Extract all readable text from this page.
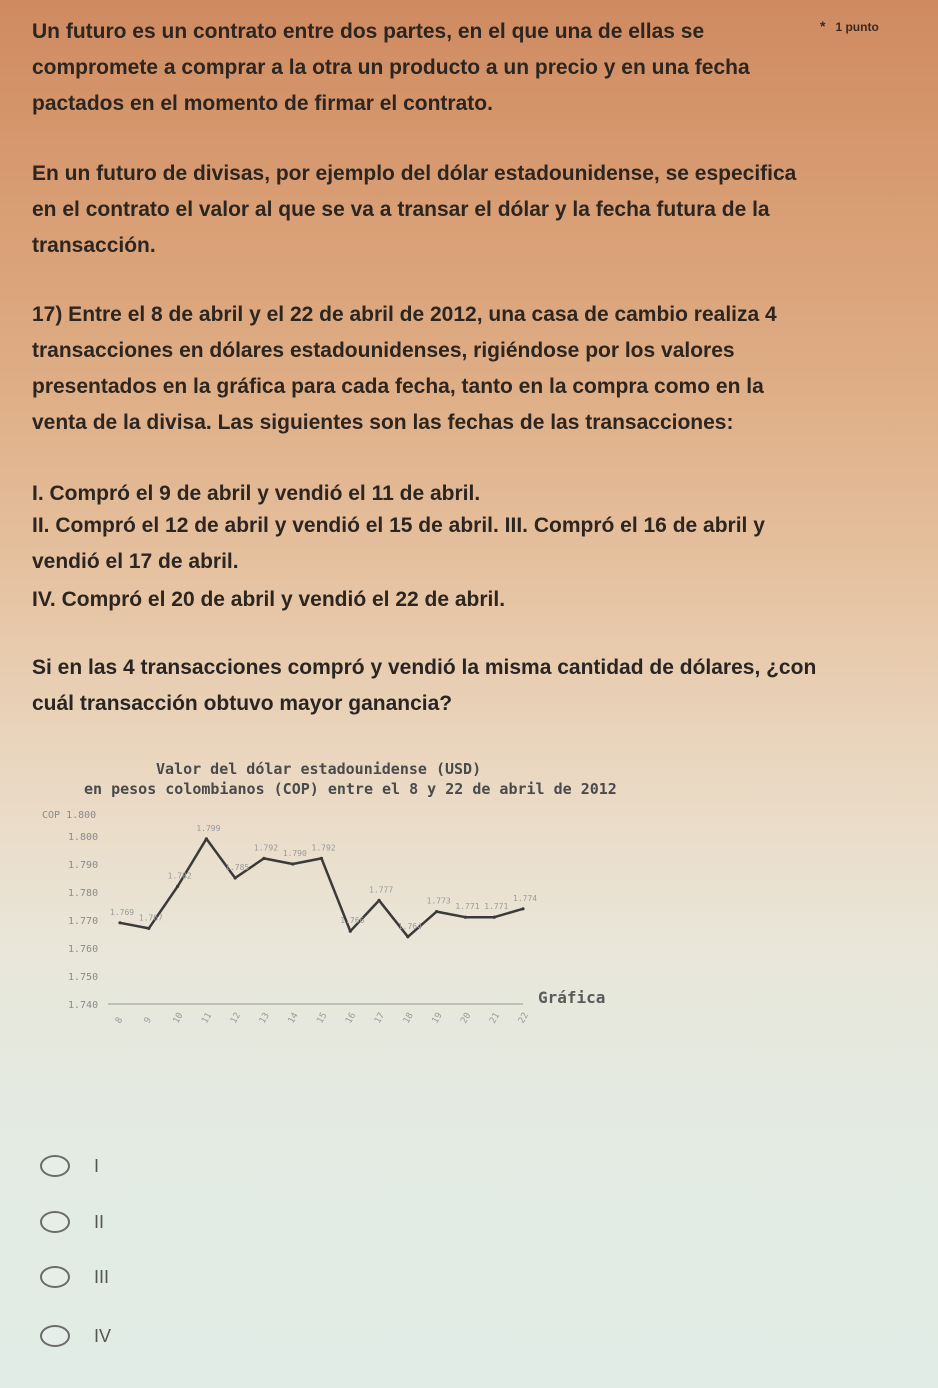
* 1 punto
Un futuro es un contrato entre dos partes, en el que una de ellas se compromete a comprar a la otra un producto a un precio y en una fecha pactados en el momento de firmar el contrato.
En un futuro de divisas, por ejemplo del dólar estadounidense, se especifica en el contrato el valor al que se va a transar el dólar y la fecha futura de la transacción.
17) Entre el 8 de abril y el 22 de abril de 2012, una casa de cambio realiza 4 transacciones en dólares estadounidenses, rigiéndose por los valores presentados en la gráfica para cada fecha, tanto en la compra como en la venta de la divisa. Las siguientes son las fechas de las transacciones:
I. Compró el 9 de abril y vendió el 11 de abril.
II. Compró el 12 de abril y vendió el 15 de abril. III. Compró el 16 de abril y vendió el 17 de abril.
IV. Compró el 20 de abril y vendió el 22 de abril.
Si en las 4 transacciones compró y vendió la misma cantidad de dólares, ¿con cuál transacción obtuvo mayor ganancia?
Valor del dólar estadounidense (USD)
en pesos colombianos (COP) entre el 8 y 22 de abril de 2012
COP 1.800
1.800
1.790
1.780
1.770
1.760
1.750
1.740
1.769
1.767
1.782
1.799
1.785
1.792
1.790
1.792
1.766
1.777
1.764
1.773
1.771 1.771
1.774
8 9 10 11 12 13 14 15 16 17 18 19 20 21 22
Gráfica
I
II
III
IV
